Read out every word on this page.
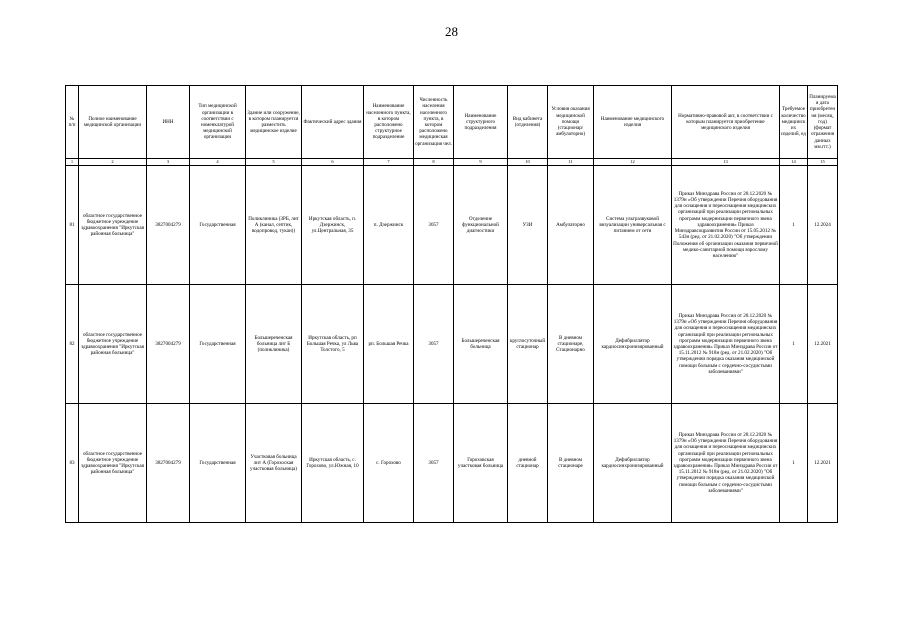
28
№ п/п	Полное наименование медицинской организации	ИНН	Тип медицинской организации в соответствии с номенклатурой медицинской организации	Здание или сооружение, в котором планируется разместить медицинское изделие	Фактический адрес здания	Наименование населенного пункта, в котором расположено структурное подразделение	Численность населения населенного пункта, в котором расположено медицинская организация чел.	Наименование структурного подразделения	Вид кабинета (отделения)	Условия оказания медицинской помощи (стационар/амбулаторно)	Наименование медицинского изделия	Нормативно-правовой акт, в соответствии с которым планируется приобретение медицинского изделия	Требуемое количество медицинских изделий, ед	Планируемая дата приобретения (месяц, год) (формат отражения данных мм.ггг.)
1	2	3	4	5	6	7	8	9	10	11	12	13	14	15
81	областное государственное бюджетное учреждение здравоохранения "Иркутская районная больница"	3827004279	Государственная	Поликлиника (ЗРБ, лит А (канал, септик, водопровод, тукан))	Иркутская область, п. Дзержинск, ул.Центральная, 35	п. Дзержинск	3057	Отделение функциональной диагностики	УЗИ	Амбулаторно	Система ультразвуковой визуализации универсальная с питанием от сети	Приказ Минздрава России от 28.12.2020 № 1379н «Об утверждении Перечня оборудования для оснащения и переоснащения медицинских организаций при реализации региональных программ модернизации первичного звена здравоохранения» Приказ Минздравсоцразвития России от 15.05.2012 № 543н (ред. от 21.02.2020) "Об утверждении Положения об организации оказания первичной медико-санитарной помощи взрослому населению"	1	12.2024
82	областное государственное бюджетное учреждение здравоохранения "Иркутская районная больница"	3827004279	Государственная	Большереченская больница лит Б (поликлиника)	Иркутская область, рп Большая Речка, ул Льва Толстого, 5	рп. Большая Речка	3057	Большереченская больница	круглосуточный стационар	В дневном стационаре, Стационарно	Дефибриллятор кардиосинхронизированный	Приказ Минздрава России от 28.12.2020 № 1379н «Об утверждении Перечня оборудования для оснащения и переоснащения медицинских организаций при реализации региональных программ модернизации первичного звена здравоохранения» Приказ Минздрава России от 15.11.2012 № 918н (ред. от 21.02.2020) "Об утверждении порядка оказания медицинской помощи больным с сердечно-сосудистыми заболеваниями"	1	12.2021
83	областное государственное бюджетное учреждение здравоохранения "Иркутская районная больница"	3827004279	Государственная	Участковая больница лит А (Горохоская участковая больница)	Иркутская область, с. Горохово, ул.Южная, 10	с. Горохово	3057	Гороховская участковая больница	дневной стационар	В дневном стационаре	Дефибриллятор кардиосинхронизированный	Приказ Минздрава России от 28.12.2020 № 1379н «Об утверждении Перечня оборудования для оснащения и переоснащения медицинских организаций при реализации региональных программ модернизации первичного звена здравоохранения» Приказ Минздрава России от 15.11.2012 № 918н (ред. от 21.02.2020) "Об утверждении порядка оказания медицинской помощи больным с сердечно-сосудистыми заболеваниями"	1	12.2021
